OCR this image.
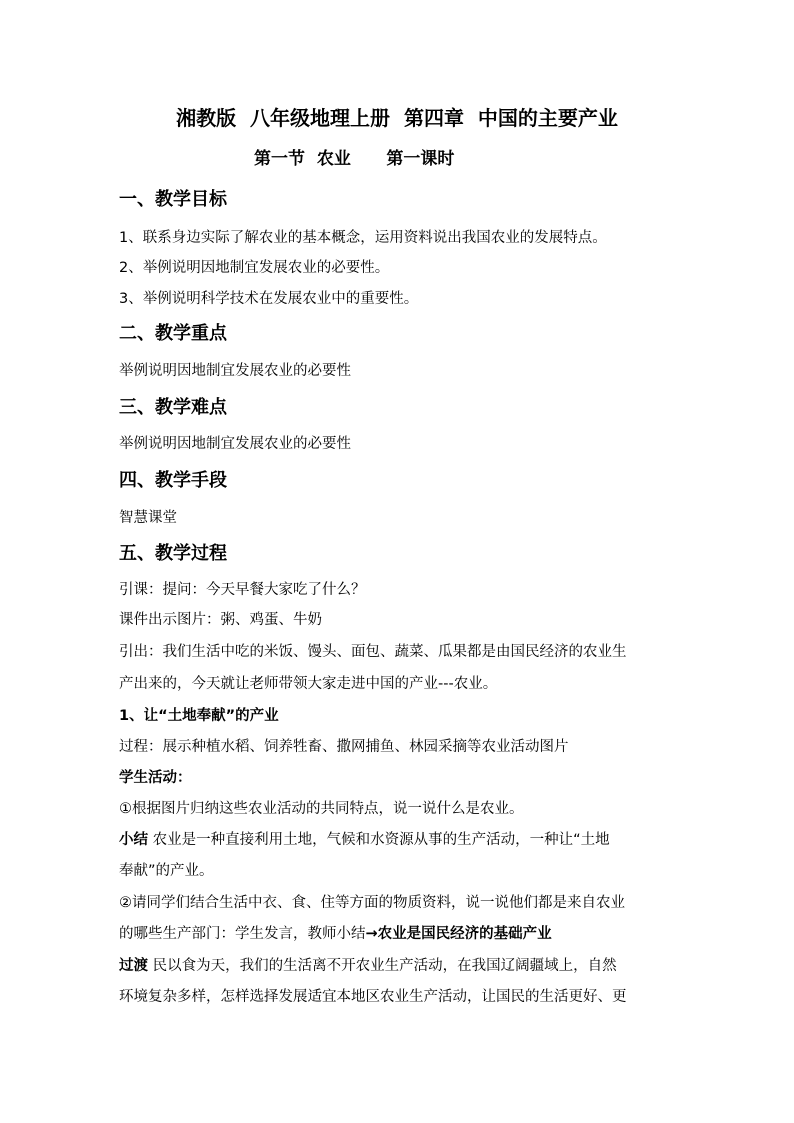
湘教版  八年级地理上册  第四章  中国的主要产业
第一节  农业      第一课时
一、教学目标
1、联系身边实际了解农业的基本概念，运用资料说出我国农业的发展特点。
2、举例说明因地制宜发展农业的必要性。
3、举例说明科学技术在发展农业中的重要性。
二、教学重点
举例说明因地制宜发展农业的必要性
三、教学难点
举例说明因地制宜发展农业的必要性
四、教学手段
智慧课堂
五、教学过程
引课：提问：今天早餐大家吃了什么？
课件出示图片：粥、鸡蛋、牛奶
引出：我们生活中吃的米饭、馒头、面包、蔬菜、瓜果都是由国民经济的农业生
产出来的，今天就让老师带领大家走进中国的产业---农业。
1、让“土地奉献”的产业
过程：展示种植水稻、饲养牲畜、撒网捕鱼、林园采摘等农业活动图片
学生活动：
①根据图片归纳这些农业活动的共同特点，说一说什么是农业。
小结 农业是一种直接利用土地，气候和水资源从事的生产活动，一种让“土地
奉献”的产业。
②请同学们结合生活中衣、食、住等方面的物质资料，说一说他们都是来自农业
的哪些生产部门：学生发言，教师小结→农业是国民经济的基础产业
过渡 民以食为天，我们的生活离不开农业生产活动，在我国辽阔疆域上，自然
环境复杂多样，怎样选择发展适宜本地区农业生产活动，让国民的生活更好、更
